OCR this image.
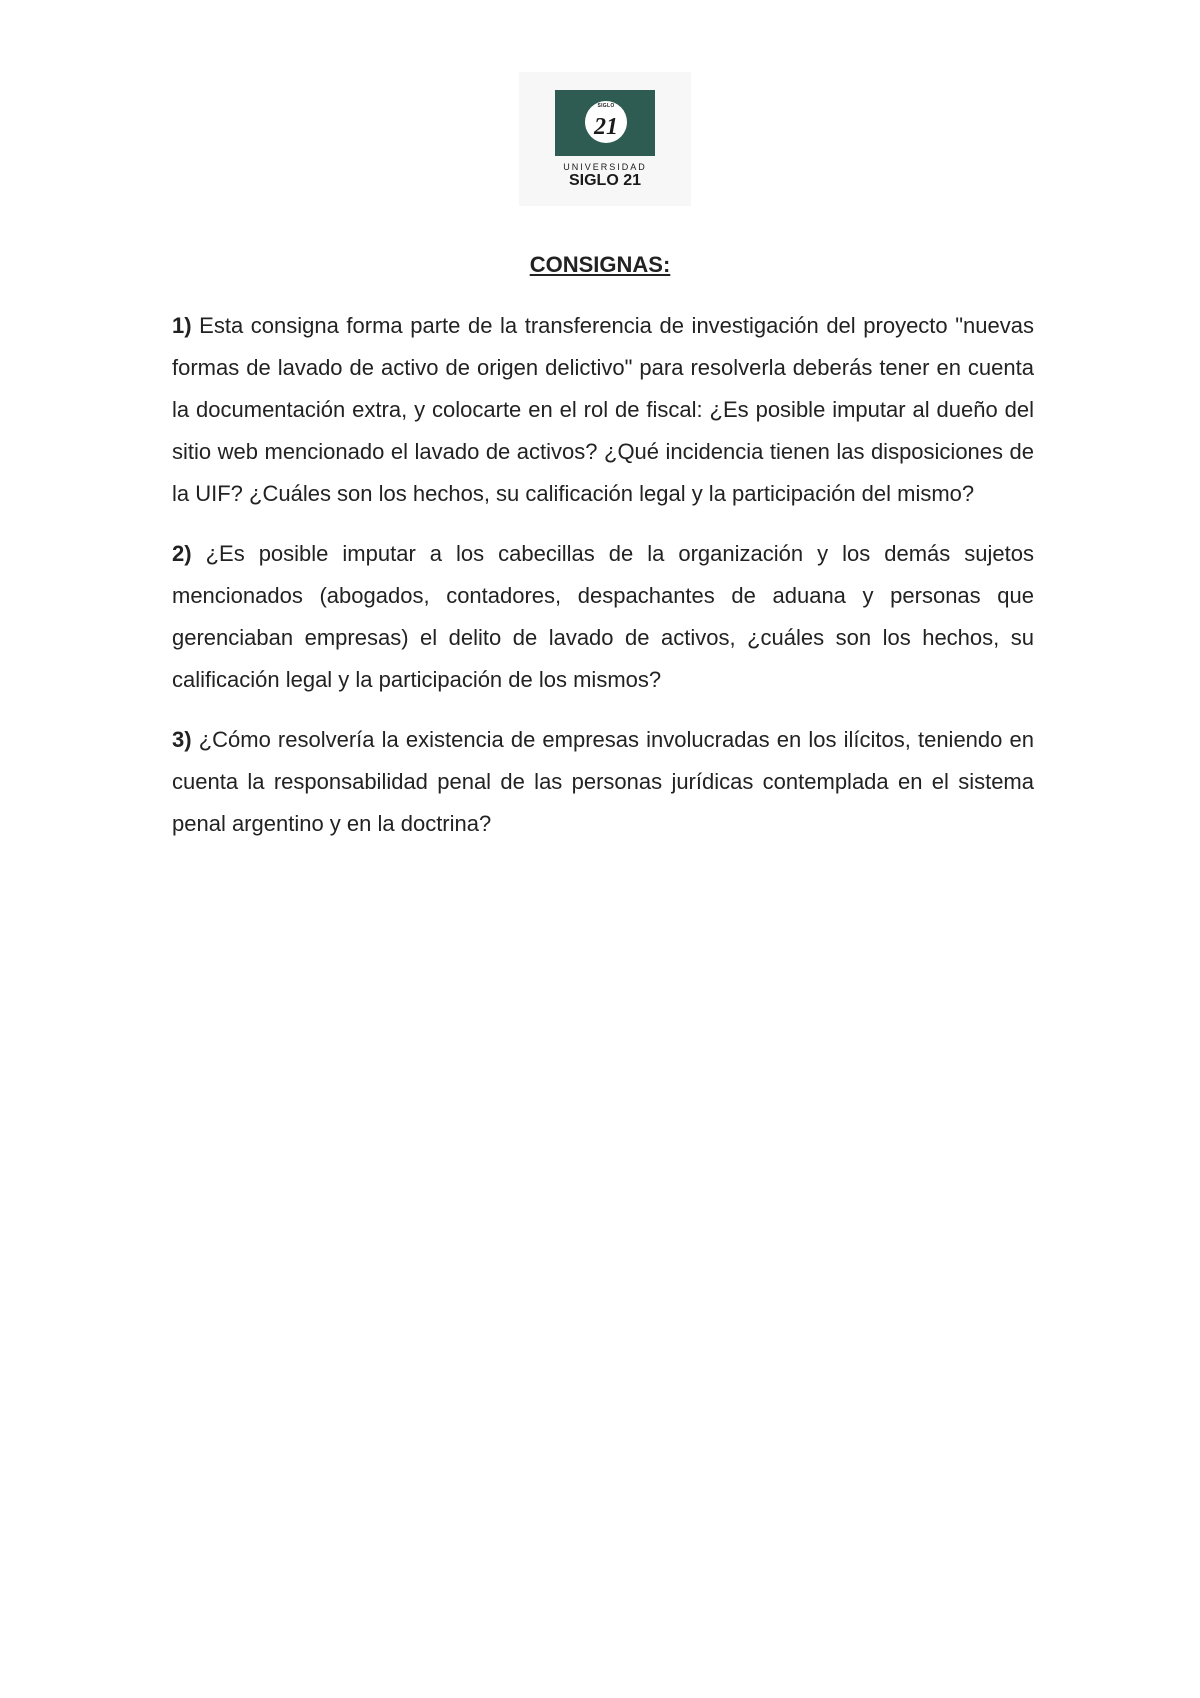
SIGLO
21
UNIVERSIDAD
SIGLO 21
CONSIGNAS:

1) Esta consigna forma parte de la transferencia de investigación del proyecto "nuevas formas de lavado de activo de origen delictivo" para resolverla deberás tener en cuenta la documentación extra, y colocarte en el rol de fiscal: ¿Es posible imputar al dueño del sitio web mencionado el lavado de activos? ¿Qué incidencia tienen las disposiciones de la UIF? ¿Cuáles son los hechos, su calificación legal y la participación del mismo?

2) ¿Es posible imputar a los cabecillas de la organización y los demás sujetos mencionados (abogados, contadores, despachantes de aduana y personas que gerenciaban empresas) el delito de lavado de activos, ¿cuáles son los hechos, su calificación legal y la participación de los mismos?

3) ¿Cómo resolvería la existencia de empresas involucradas en los ilícitos, teniendo en cuenta la responsabilidad penal de las personas jurídicas contemplada en el sistema penal argentino y en la doctrina?
